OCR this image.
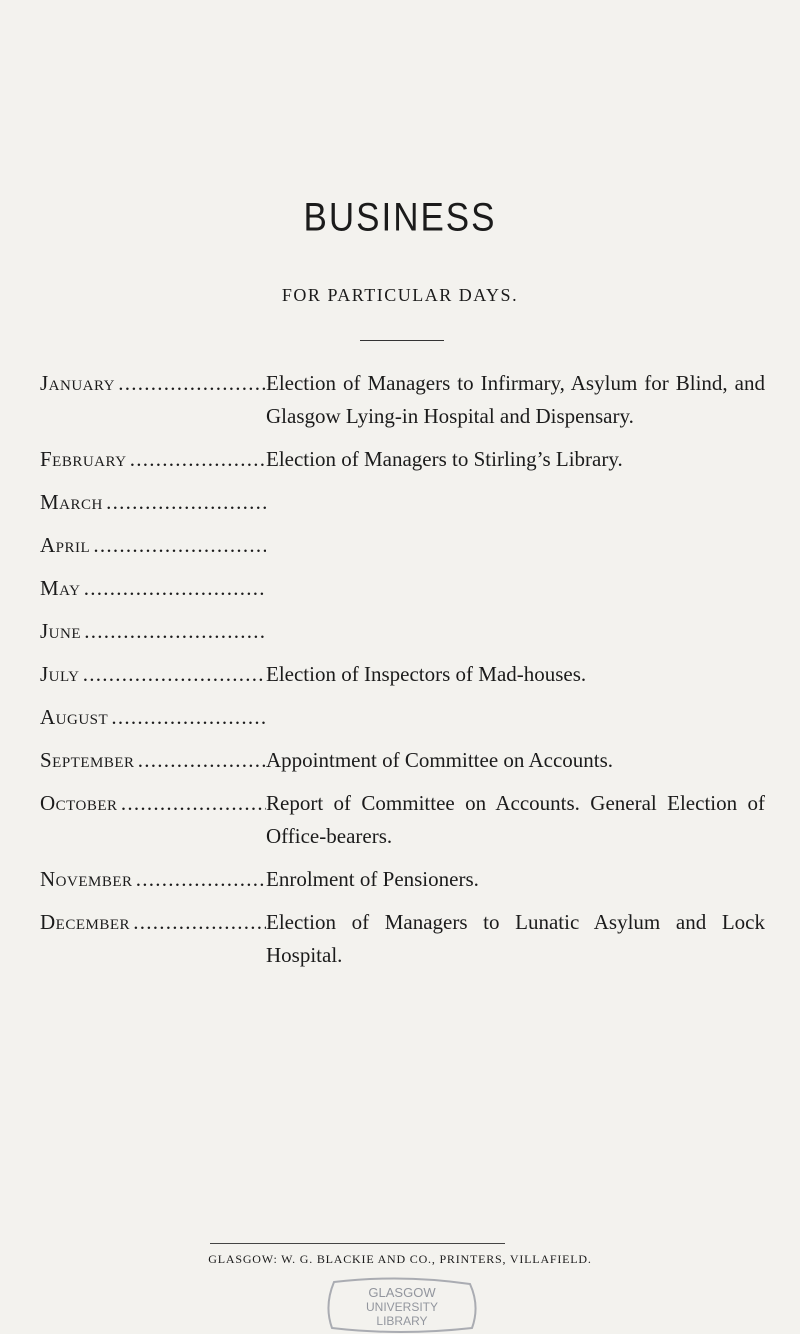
BUSINESS
FOR PARTICULAR DAYS.
January . . .	Election of Managers to Infirmary, Asylum for Blind, and Glasgow Lying-in Hospital and Dispensary.
February . . .	Election of Managers to Stirling’s Library.
March . . .
April . . .
May . . .
June . . .
July . . .	Election of Inspectors of Mad-houses.
August . . .
September . . .	Appointment of Committee on Accounts.
October . . .	Report of Committee on Accounts. General Election of Office-bearers.
November . . .	Enrolment of Pensioners.
December . . .	Election of Managers to Lunatic Asylum and Lock Hospital.
GLASGOW: W. G. BLACKIE AND CO., PRINTERS, VILLAFIELD.
GLASGOW
UNIVERSITY
LIBRARY
